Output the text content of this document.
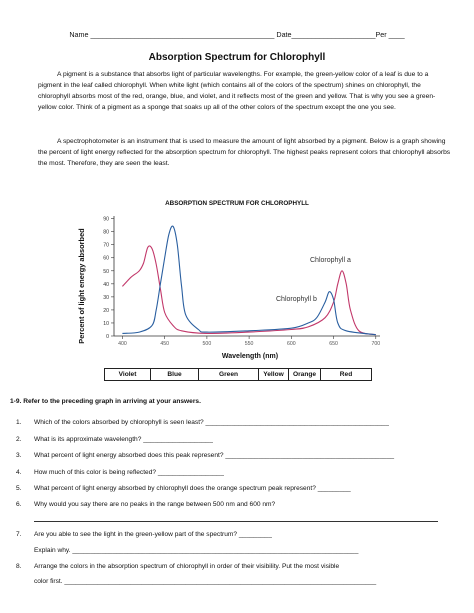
Name ______________________________________________ Date_____________________Per ____
Absorption Spectrum for Chlorophyll
A pigment is a substance that absorbs light of particular wavelengths. For example, the green-yellow color of a leaf is due to a pigment in the leaf called chlorophyll. When white light (which contains all of the colors of the spectrum) shines on chlorophyll, the chlorophyll absorbs most of the red, orange, blue, and violet, and it reflects most of the green and yellow. That is why you see a green-yellow color. Think of a pigment as a sponge that soaks up all of the other colors of the spectrum except the one you see.
A spectrophotometer is an instrument that is used to measure the amount of light absorbed by a pigment. Below is a graph showing the percent of light energy reflected for the absorption spectrum for chlorophyll. The highest peaks represent colors that chlorophyll absorbs the most. Therefore, they are seen the least.
ABSORPTION SPECTRUM FOR CHLOROPHYLL
0
10
20
30
40
50
60
70
80
90
400	450	500	550	600	650	700
Percent of light energy absorbed
Wavelength (nm)
Chlorophyll a
Chlorophyll b
Violet	Blue	Green	Yellow	Orange	Red
1-9. Refer to the preceding graph in arriving at your answers.
1. Which of the colors absorbed by chlorophyll is seen least? __________________________________________________
2. What is its approximate wavelength? ___________________
3. What percent of light energy absorbed does this peak represent? ______________________________________________
4. How much of this color is being reflected? __________________
5. What percent of light energy absorbed by chlorophyll does the orange spectrum peak represent? _________
6. Why would you say there are no peaks in the range between 500 nm and 600 nm?
7. Are you able to see the light in the green-yellow part of the spectrum? _________
Explain why. ______________________________________________________________________________
8. Arrange the colors in the absorption spectrum of chlorophyll in order of their visibility. Put the most visible
color first. _____________________________________________________________________________________
